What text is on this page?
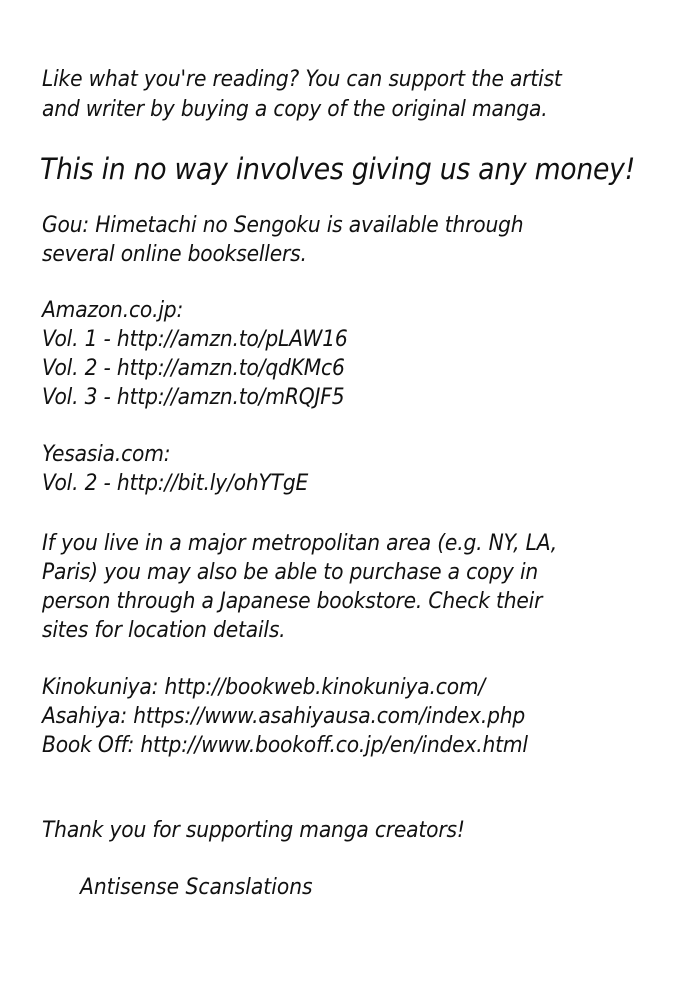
Like what you're reading? You can support the artist
and writer by buying a copy of the original manga.
This in no way involves giving us any money!
Gou: Himetachi no Sengoku is available through
several online booksellers.
Amazon.co.jp:
Vol. 1 - http://amzn.to/pLAW16
Vol. 2 - http://amzn.to/qdKMc6
Vol. 3 - http://amzn.to/mRQJF5
Yesasia.com:
Vol. 2 - http://bit.ly/ohYTgE
If you live in a major metropolitan area (e.g. NY, LA,
Paris) you may also be able to purchase a copy in
person through a Japanese bookstore. Check their
sites for location details.
Kinokuniya: http://bookweb.kinokuniya.com/
Asahiya: https://www.asahiyausa.com/index.php
Book Off: http://www.bookoff.co.jp/en/index.html
Thank you for supporting manga creators!
Antisense Scanslations
